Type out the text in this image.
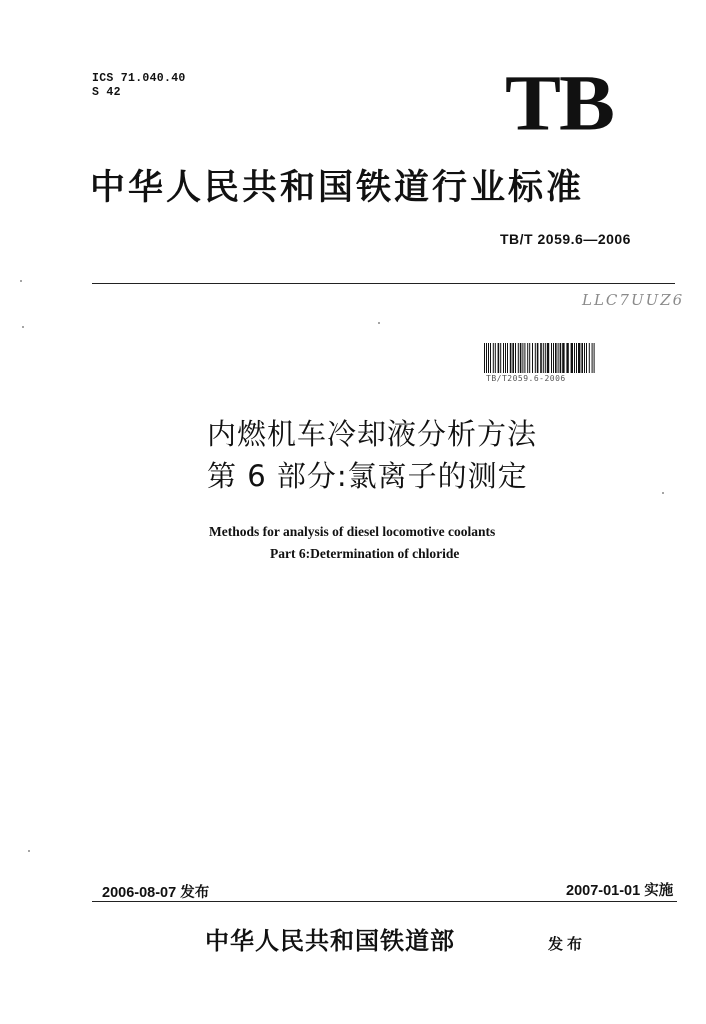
ICS 71.040.40
S 42	TB
中华人民共和国铁道行业标准
TB/T 2059.6—2006
LLC7UUZ6
TB/T2059.6-2006
内燃机车冷却液分析方法
第 6 部分:氯离子的测定
Methods for analysis of diesel locomotive coolants
Part 6:Determination of chloride
2006-08-07 发布	2007-01-01 实施
中华人民共和国铁道部	发布
